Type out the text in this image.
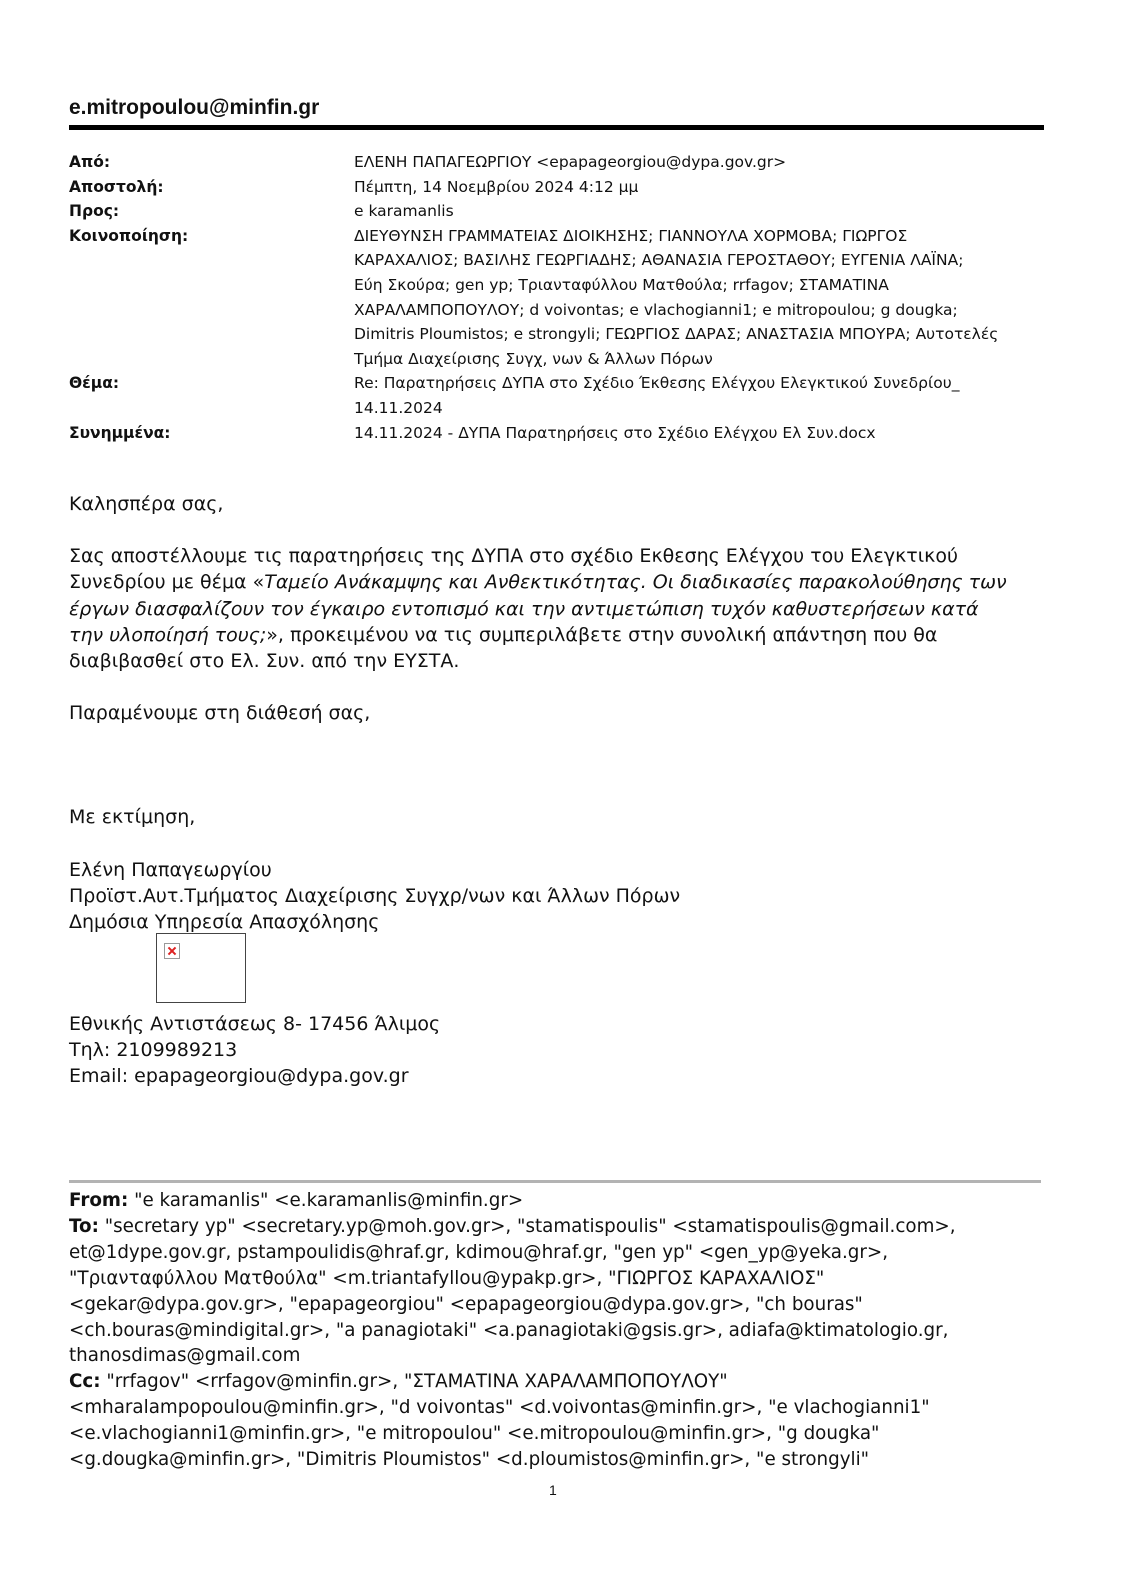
e.mitropoulou@minfin.gr
Από:	ΕΛΕΝΗ ΠΑΠΑΓΕΩΡΓΙΟΥ <epapageorgiou@dypa.gov.gr>
Αποστολή:	Πέμπτη, 14 Νοεμβρίου 2024 4:12 μμ
Προς:	e karamanlis
Κοινοποίηση:	ΔΙΕΥΘΥΝΣΗ ΓΡΑΜΜΑΤΕΙΑΣ ΔΙΟΙΚΗΣΗΣ; ΓΙΑΝΝΟΥΛΑ ΧΟΡΜΟΒΑ; ΓΙΩΡΓΟΣ
ΚΑΡΑΧΑΛΙΟΣ; ΒΑΣΙΛΗΣ ΓΕΩΡΓΙΑΔΗΣ; ΑΘΑΝΑΣΙΑ ΓΕΡΟΣΤΑΘΟΥ; ΕΥΓΕΝΙΑ ΛΑΪΝΑ;
Εύη Σκούρα; gen yp; Τριανταφύλλου Ματθούλα; rrfagov; ΣΤΑΜΑΤΙΝΑ
ΧΑΡΑΛΑΜΠΟΠΟΥΛΟΥ; d voivontas; e vlachogianni1; e mitropoulou; g dougka;
Dimitris Ploumistos; e strongyli; ΓΕΩΡΓΙΟΣ ΔΑΡΑΣ; ΑΝΑΣΤΑΣΙΑ ΜΠΟΥΡΑ; Αυτοτελές
Τμήμα Διαχείρισης Συγχ, νων & Άλλων Πόρων
Θέμα:	Re: Παρατηρήσεις ΔΥΠΑ στο Σχέδιο Έκθεσης Ελέγχου Ελεγκτικού Συνεδρίου_
14.11.2024
Συνημμένα:	14.11.2024 - ΔΥΠΑ Παρατηρήσεις στο Σχέδιο Ελέγχου Ελ Συν.docx

Καλησπέρα σας,

Σας αποστέλλουμε τις παρατηρήσεις της ΔΥΠΑ στο σχέδιο Εκθεσης Ελέγχου του Ελεγκτικού
Συνεδρίου με θέμα «Ταμείο Ανάκαμψης και Ανθεκτικότητας. Οι διαδικασίες παρακολούθησης των
έργων διασφαλίζουν τον έγκαιρο εντοπισμό και την αντιμετώπιση τυχόν καθυστερήσεων κατά
την υλοποίησή τους;», προκειμένου να τις συμπεριλάβετε στην συνολική απάντηση που θα
διαβιβασθεί στο Ελ. Συν. από την ΕΥΣΤΑ.

Παραμένουμε στη διάθεσή σας,

Με εκτίμηση,

Ελένη Παπαγεωργίου

Προϊστ.Αυτ.Τμήματος Διαχείρισης Συγχρ/νων και Άλλων Πόρων

Δημόσια Υπηρεσία Απασχόλησης

Εθνικής Αντιστάσεως 8- 17456 Άλιμος
Τηλ: 2109989213
Email: epapageorgiou@dypa.gov.gr
From: "e karamanlis" <e.karamanlis@minfin.gr>
To: "secretary yp" <secretary.yp@moh.gov.gr>, "stamatispoulis" <stamatispoulis@gmail.com>,
et@1dype.gov.gr, pstampoulidis@hraf.gr, kdimou@hraf.gr, "gen yp" <gen_yp@yeka.gr>,
"Τριανταφύλλου Ματθούλα" <m.triantafyllou@ypakp.gr>, "ΓΙΩΡΓΟΣ ΚΑΡΑΧΑΛΙΟΣ"
<gekar@dypa.gov.gr>, "epapageorgiou" <epapageorgiou@dypa.gov.gr>, "ch bouras"
<ch.bouras@mindigital.gr>, "a panagiotaki" <a.panagiotaki@gsis.gr>, adiafa@ktimatologio.gr,
thanosdimas@gmail.com
Cc: "rrfagov" <rrfagov@minfin.gr>, "ΣΤΑΜΑΤΙΝΑ ΧΑΡΑΛΑΜΠΟΠΟΥΛΟΥ"
<mharalampopoulou@minfin.gr>, "d voivontas" <d.voivontas@minfin.gr>, "e vlachogianni1"
<e.vlachogianni1@minfin.gr>, "e mitropoulou" <e.mitropoulou@minfin.gr>, "g dougka"
<g.dougka@minfin.gr>, "Dimitris Ploumistos" <d.ploumistos@minfin.gr>, "e strongyli"
1
